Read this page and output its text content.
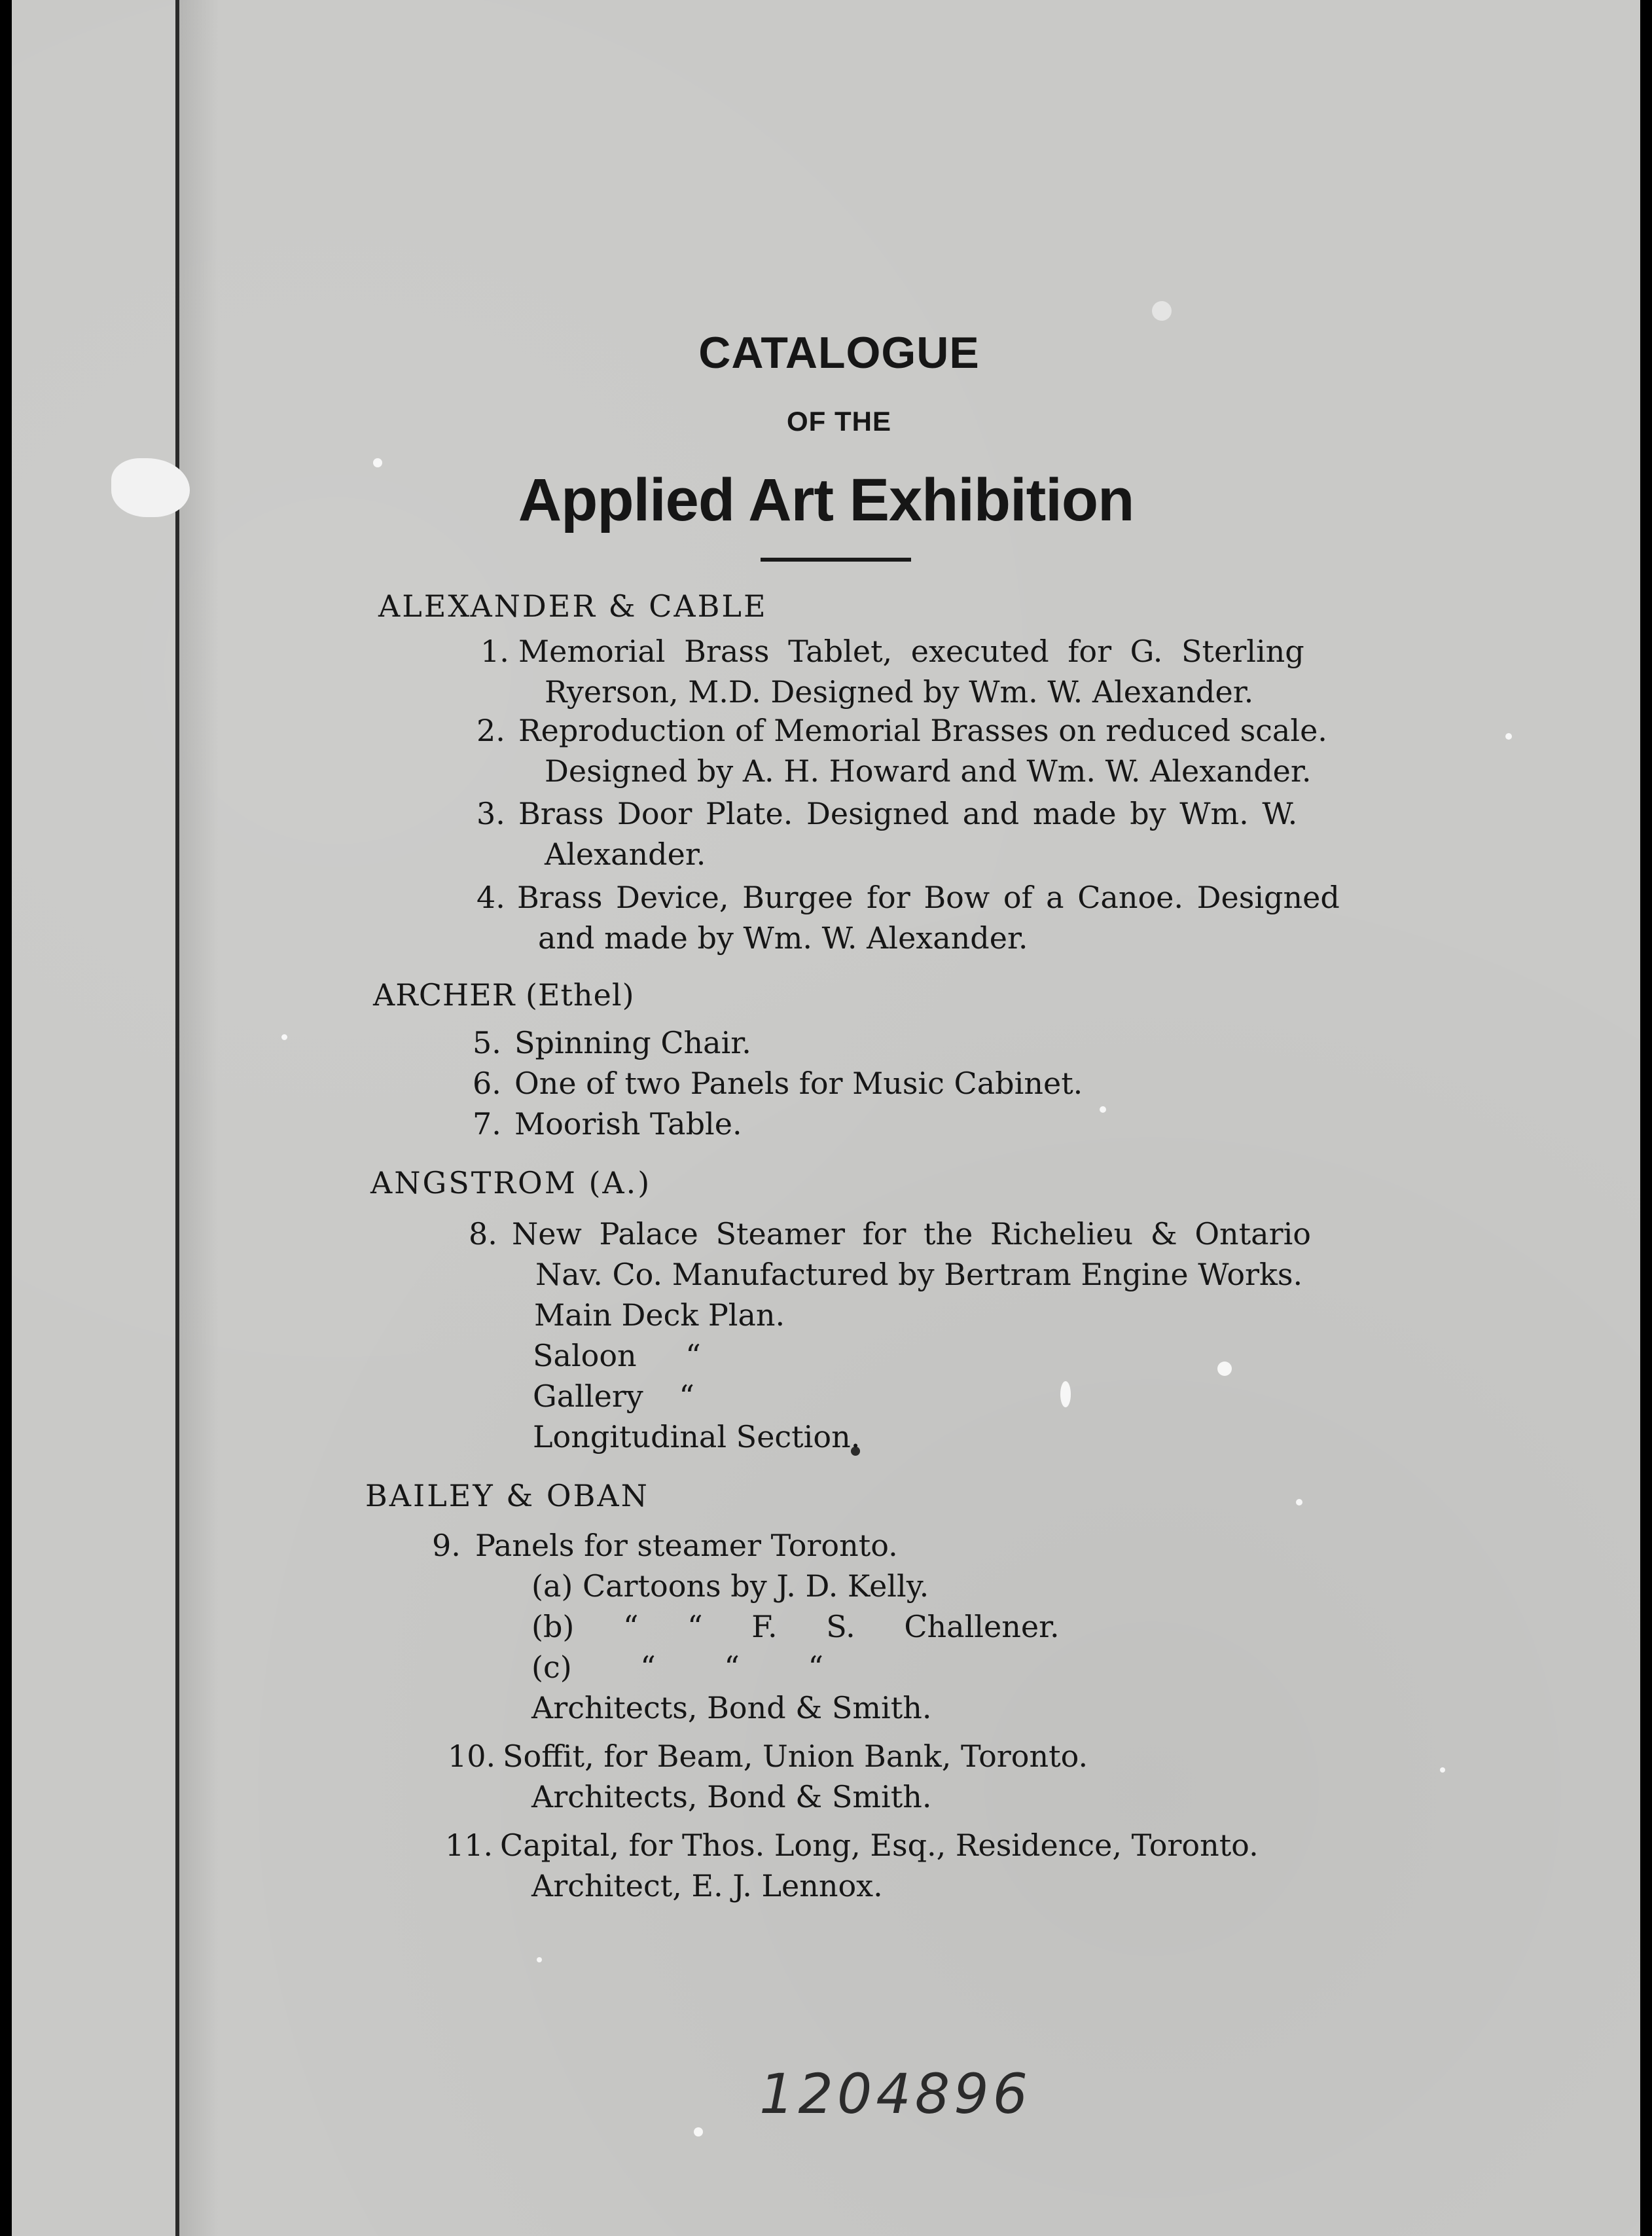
CATALOGUE
OF THE
Applied Art Exhibition
ALEXANDER & CABLE
1. Memorial Brass Tablet, executed for G. Sterling
Ryerson, M.D. Designed by Wm. W. Alexander.
2. Reproduction of Memorial Brasses on reduced scale.
Designed by A. H. Howard and Wm. W. Alexander.
3. Brass Door Plate. Designed and made by Wm. W.
Alexander.
4. Brass Device, Burgee for Bow of a Canoe. Designed
and made by Wm. W. Alexander.
ARCHER (Ethel)
5. Spinning Chair.
6. One of two Panels for Music Cabinet.
7. Moorish Table.
ANGSTROM (A.)
8. New Palace Steamer for the Richelieu & Ontario
Nav. Co. Manufactured by Bertram Engine Works.
Main Deck Plan.
Saloon “
Gallery “
Longitudinal Section.
BAILEY & OBAN
9. Panels for steamer Toronto.
(a) Cartoons by J. D. Kelly.
(b) “ “ F. S. Challener.
(c) “ “ “
Architects, Bond & Smith.
10. Soffit, for Beam, Union Bank, Toronto.
Architects, Bond & Smith.
11. Capital, for Thos. Long, Esq., Residence, Toronto.
Architect, E. J. Lennox.
1204896
